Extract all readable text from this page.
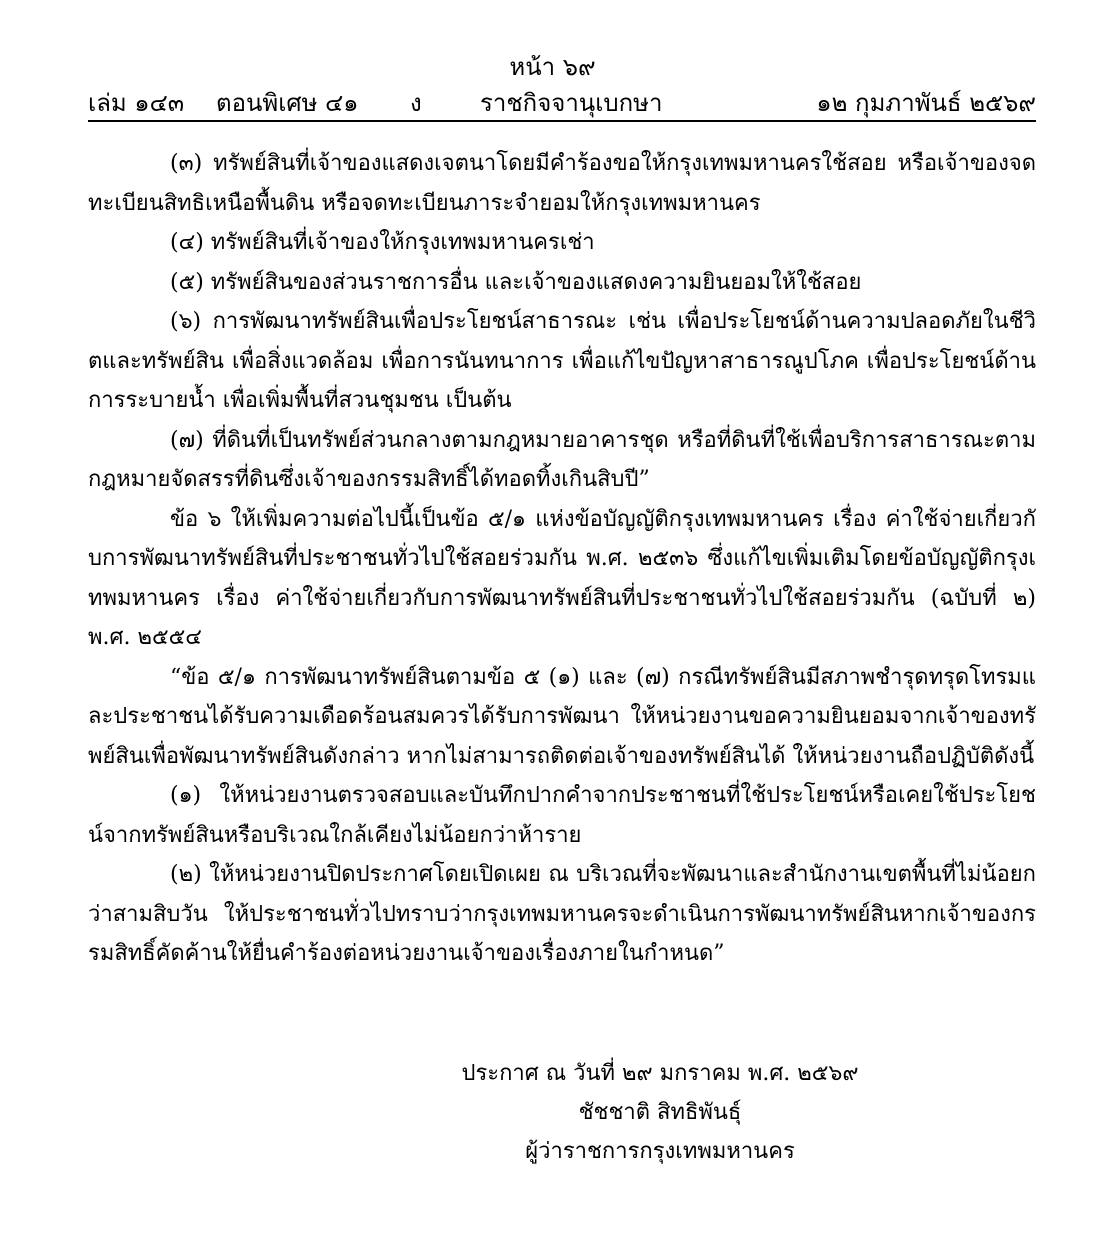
หน้า ๖๙
เล่ม ๑๔๓ ตอนพิเศษ ๔๑ ง ราชกิจจานุเบกษา	๑๒ กุมภาพันธ์ ๒๕๖๙

(๓) ทรัพย์สินที่เจ้าของแสดงเจตนาโดยมีคำร้องขอให้กรุงเทพมหานครใช้สอย หรือเจ้าของจดทะเบียนสิทธิเหนือพื้นดิน หรือจดทะเบียนภาระจำยอมให้กรุงเทพมหานคร

(๔) ทรัพย์สินที่เจ้าของให้กรุงเทพมหานครเช่า

(๕) ทรัพย์สินของส่วนราชการอื่น และเจ้าของแสดงความยินยอมให้ใช้สอย

(๖) การพัฒนาทรัพย์สินเพื่อประโยชน์สาธารณะ เช่น เพื่อประโยชน์ด้านความปลอดภัยในชีวิตและทรัพย์สิน เพื่อสิ่งแวดล้อม เพื่อการนันทนาการ เพื่อแก้ไขปัญหาสาธารณูปโภค เพื่อประโยชน์ด้านการระบายน้ำ เพื่อเพิ่มพื้นที่สวนชุมชน เป็นต้น

(๗) ที่ดินที่เป็นทรัพย์ส่วนกลางตามกฎหมายอาคารชุด หรือที่ดินที่ใช้เพื่อบริการสาธารณะตามกฎหมายจัดสรรที่ดินซึ่งเจ้าของกรรมสิทธิ์ได้ทอดทิ้งเกินสิบปี”

ข้อ ๖ ให้เพิ่มความต่อไปนี้เป็นข้อ ๕/๑ แห่งข้อบัญญัติกรุงเทพมหานคร เรื่อง ค่าใช้จ่ายเกี่ยวกับการพัฒนาทรัพย์สินที่ประชาชนทั่วไปใช้สอยร่วมกัน พ.ศ. ๒๕๓๖ ซึ่งแก้ไขเพิ่มเติมโดยข้อบัญญัติกรุงเทพมหานคร เรื่อง ค่าใช้จ่ายเกี่ยวกับการพัฒนาทรัพย์สินที่ประชาชนทั่วไปใช้สอยร่วมกัน (ฉบับที่ ๒) พ.ศ. ๒๕๕๔

“ข้อ ๕/๑ การพัฒนาทรัพย์สินตามข้อ ๕ (๑) และ (๗) กรณีทรัพย์สินมีสภาพชำรุดทรุดโทรมและประชาชนได้รับความเดือดร้อนสมควรได้รับการพัฒนา ให้หน่วยงานขอความยินยอมจากเจ้าของทรัพย์สินเพื่อพัฒนาทรัพย์สินดังกล่าว หากไม่สามารถติดต่อเจ้าของทรัพย์สินได้ ให้หน่วยงานถือปฏิบัติดังนี้

(๑) ให้หน่วยงานตรวจสอบและบันทึกปากคำจากประชาชนที่ใช้ประโยชน์หรือเคยใช้ประโยชน์จากทรัพย์สินหรือบริเวณใกล้เคียงไม่น้อยกว่าห้าราย

(๒) ให้หน่วยงานปิดประกาศโดยเปิดเผย ณ บริเวณที่จะพัฒนาและสำนักงานเขตพื้นที่ไม่น้อยกว่าสามสิบวัน ให้ประชาชนทั่วไปทราบว่ากรุงเทพมหานครจะดำเนินการพัฒนาทรัพย์สินหากเจ้าของกรรมสิทธิ์คัดค้านให้ยื่นคำร้องต่อหน่วยงานเจ้าของเรื่องภายในกำหนด”

ประกาศ ณ วันที่ ๒๙ มกราคม พ.ศ. ๒๕๖๙
ชัชชาติ สิทธิพันธุ์
ผู้ว่าราชการกรุงเทพมหานคร
